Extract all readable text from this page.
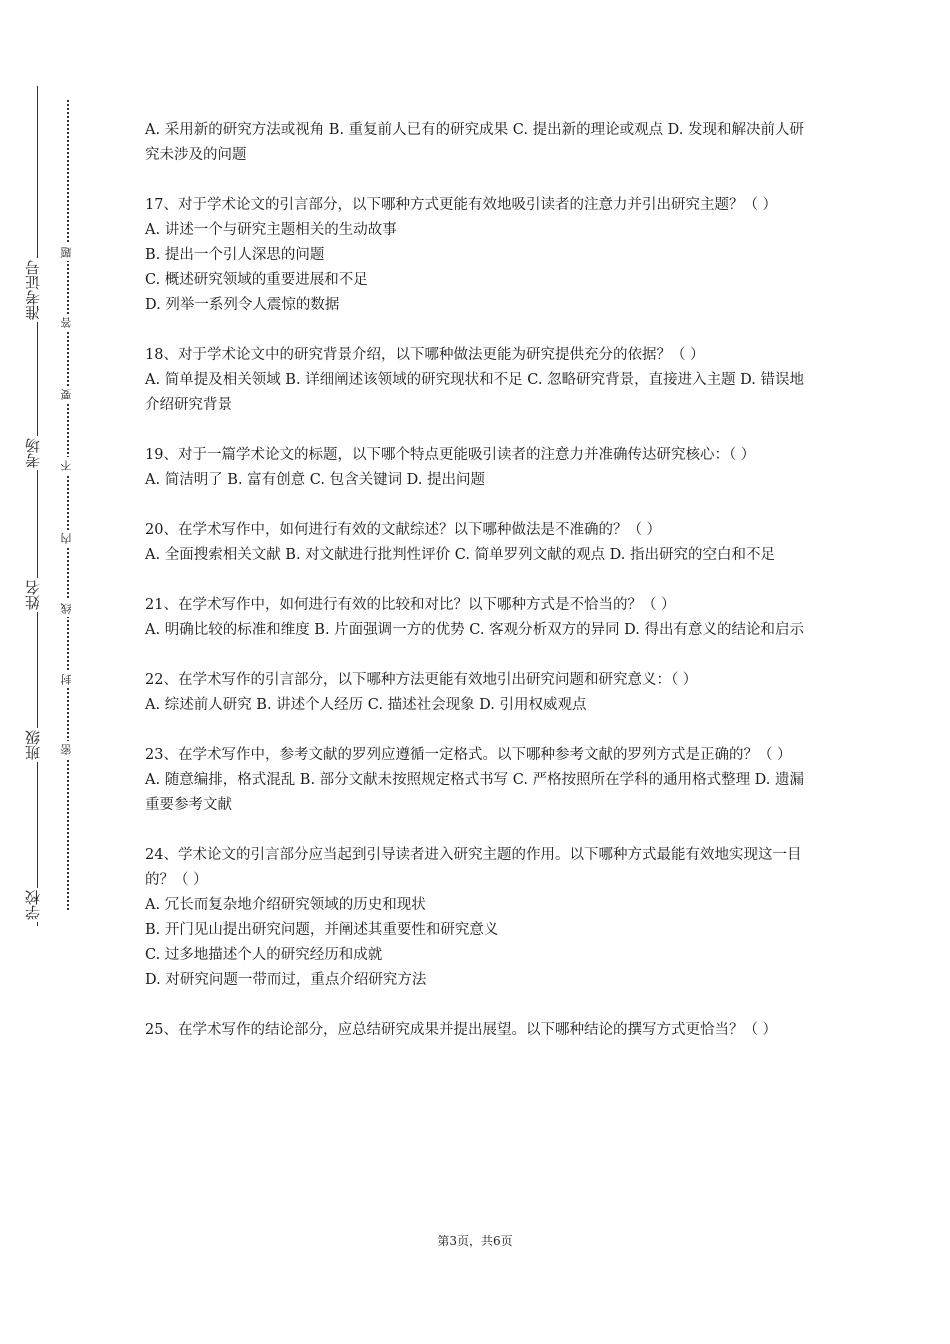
准考证号
考场
姓名
班级
学校
题
答
要
不
内
线
封
密

A. 采用新的研究方法或视角 B. 重复前人已有的研究成果 C. 提出新的理论或观点 D. 发现和解决前人研究未涉及的问题

17、对于学术论文的引言部分，以下哪种方式更能有效地吸引读者的注意力并引出研究主题？（ ）

A. 讲述一个与研究主题相关的生动故事

B. 提出一个引人深思的问题

C. 概述研究领域的重要进展和不足

D. 列举一系列令人震惊的数据

18、对于学术论文中的研究背景介绍，以下哪种做法更能为研究提供充分的依据？（ ）

A. 简单提及相关领域 B. 详细阐述该领域的研究现状和不足 C. 忽略研究背景，直接进入主题 D. 错误地介绍研究背景

19、对于一篇学术论文的标题，以下哪个特点更能吸引读者的注意力并准确传达研究核心：（ ）

A. 简洁明了 B. 富有创意 C. 包含关键词 D. 提出问题

20、在学术写作中，如何进行有效的文献综述？以下哪种做法是不准确的？（ ）

A. 全面搜索相关文献 B. 对文献进行批判性评价 C. 简单罗列文献的观点 D. 指出研究的空白和不足

21、在学术写作中，如何进行有效的比较和对比？以下哪种方式是不恰当的？（ ）

A. 明确比较的标准和维度 B. 片面强调一方的优势 C. 客观分析双方的异同 D. 得出有意义的结论和启示

22、在学术写作的引言部分，以下哪种方法更能有效地引出研究问题和研究意义：（ ）

A. 综述前人研究 B. 讲述个人经历 C. 描述社会现象 D. 引用权威观点

23、在学术写作中，参考文献的罗列应遵循一定格式。以下哪种参考文献的罗列方式是正确的？（ ）

A. 随意编排，格式混乱 B. 部分文献未按照规定格式书写 C. 严格按照所在学科的通用格式整理 D. 遗漏重要参考文献

24、学术论文的引言部分应当起到引导读者进入研究主题的作用。以下哪种方式最能有效地实现这一目的？（ ）

A. 冗长而复杂地介绍研究领域的历史和现状

B. 开门见山提出研究问题，并阐述其重要性和研究意义

C. 过多地描述个人的研究经历和成就

D. 对研究问题一带而过，重点介绍研究方法

25、在学术写作的结论部分，应总结研究成果并提出展望。以下哪种结论的撰写方式更恰当？（ ）

第3页，共6页
